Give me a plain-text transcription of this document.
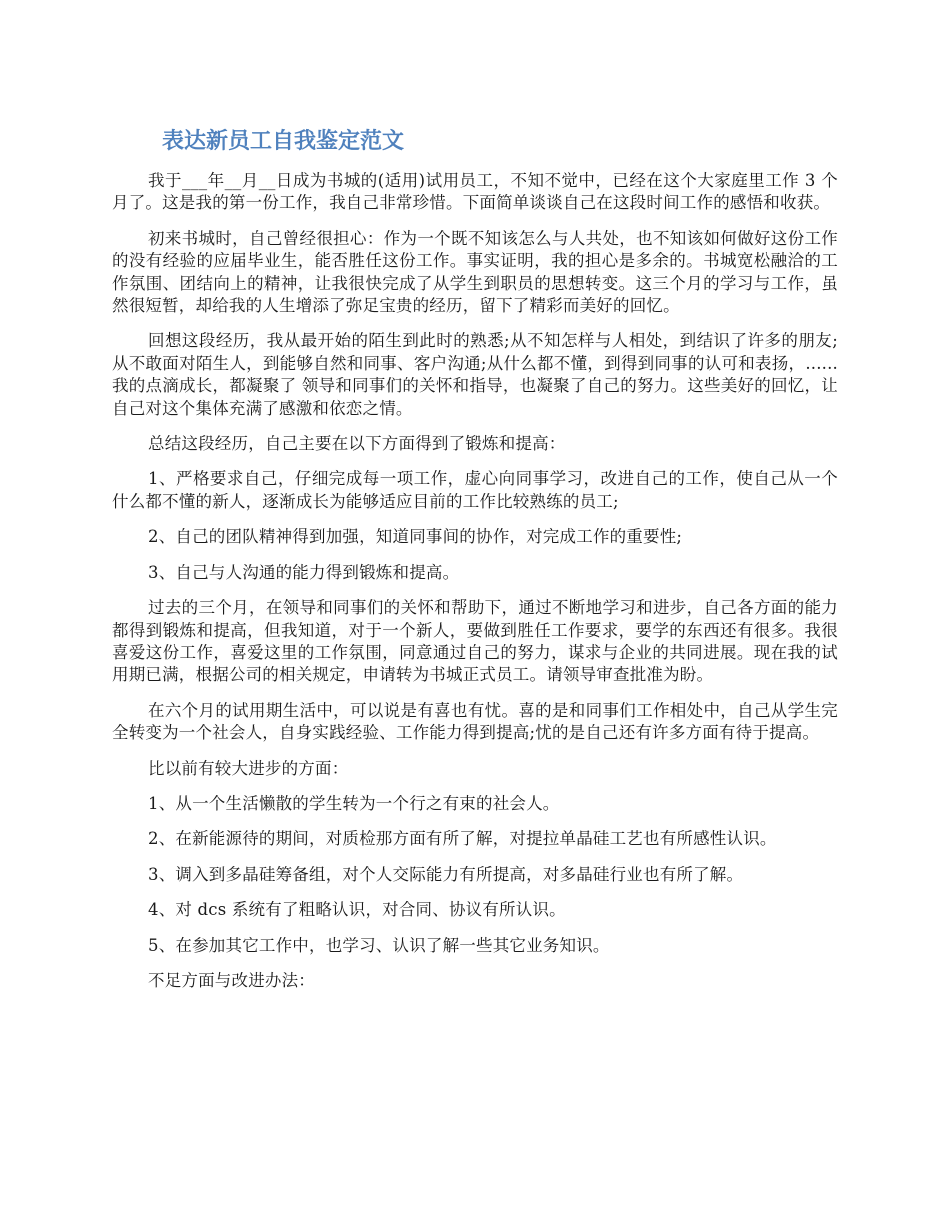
表达新员工自我鉴定范文

我于___年__月__日成为书城的(适用)试用员工，不知不觉中，已经在这个大家庭里工作 3 个月了。这是我的第一份工作，我自己非常珍惜。下面简单谈谈自己在这段时间工作的感悟和收获。

初来书城时，自己曾经很担心：作为一个既不知该怎么与人共处，也不知该如何做好这份工作的没有经验的应届毕业生，能否胜任这份工作。事实证明，我的担心是多余的。书城宽松融洽的工作氛围、团结向上的精神，让我很快完成了从学生到职员的思想转变。这三个月的学习与工作，虽然很短暂，却给我的人生增添了弥足宝贵的经历，留下了精彩而美好的回忆。

回想这段经历，我从最开始的陌生到此时的熟悉;从不知怎样与人相处，到结识了许多的朋友;从不敢面对陌生人，到能够自然和同事、客户沟通;从什么都不懂，到得到同事的认可和表扬，...... 我的点滴成长，都凝聚了 领导和同事们的关怀和指导，也凝聚了自己的努力。这些美好的回忆，让自己对这个集体充满了感激和依恋之情。

总结这段经历，自己主要在以下方面得到了锻炼和提高：

1、严格要求自己，仔细完成每一项工作，虚心向同事学习，改进自己的工作，使自己从一个什么都不懂的新人，逐渐成长为能够适应目前的工作比较熟练的员工;

2、自己的团队精神得到加强，知道同事间的协作，对完成工作的重要性;

3、自己与人沟通的能力得到锻炼和提高。

过去的三个月，在领导和同事们的关怀和帮助下，通过不断地学习和进步，自己各方面的能力都得到锻炼和提高，但我知道，对于一个新人，要做到胜任工作要求，要学的东西还有很多。我很喜爱这份工作，喜爱这里的工作氛围，同意通过自己的努力，谋求与企业的共同进展。现在我的试用期已满，根据公司的相关规定，申请转为书城正式员工。请领导审查批准为盼。

在六个月的试用期生活中，可以说是有喜也有忧。喜的是和同事们工作相处中，自己从学生完全转变为一个社会人，自身实践经验、工作能力得到提高;忧的是自己还有许多方面有待于提高。

比以前有较大进步的方面：

1、从一个生活懒散的学生转为一个行之有束的社会人。

2、在新能源待的期间，对质检那方面有所了解，对提拉单晶硅工艺也有所感性认识。

3、调入到多晶硅筹备组，对个人交际能力有所提高，对多晶硅行业也有所了解。

4、对 dcs 系统有了粗略认识，对合同、协议有所认识。

5、在参加其它工作中，也学习、认识了解一些其它业务知识。

不足方面与改进办法：
